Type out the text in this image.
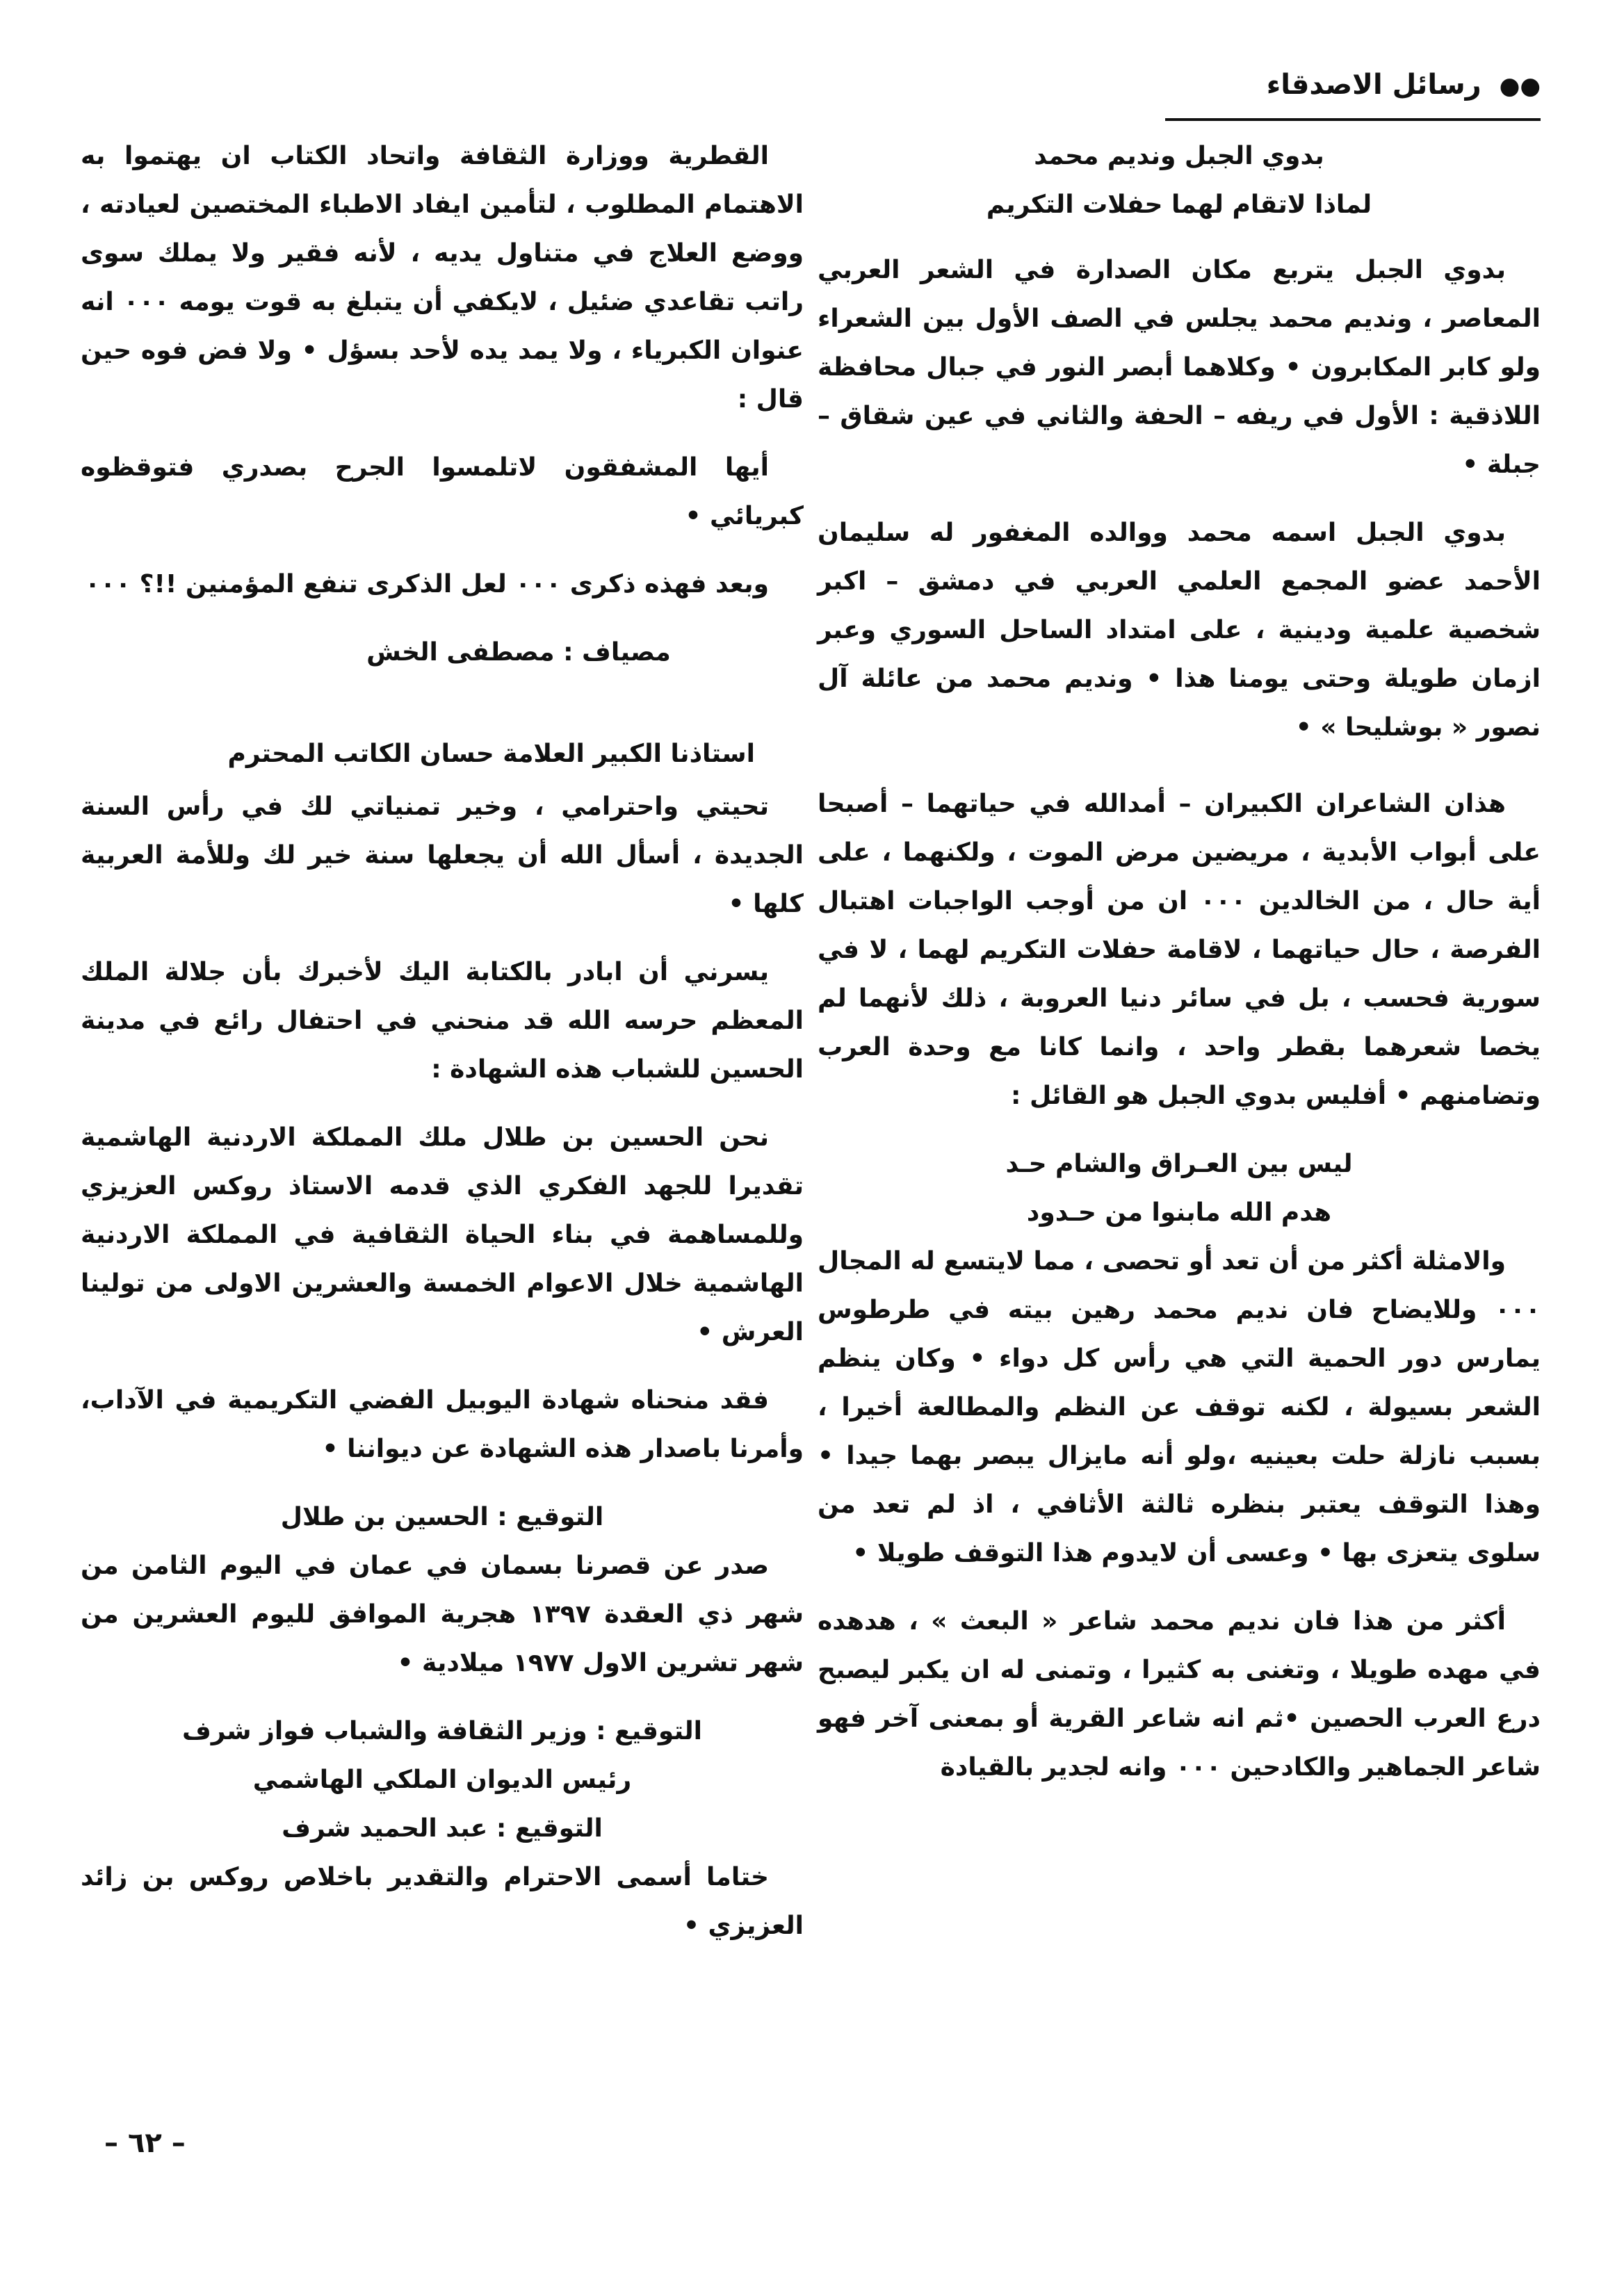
●● رسائل الاصدقاء

بدوي الجبل وندیم محمد

لماذا لاتقام لهما حفلات التكريم

بدوي الجبل يتربع مكان الصدارة في الشعر العربي المعاصر ، ونديم محمد يجلس في الصف الأول بين الشعراء ولو كابر المكابرون • وكلاهما أبصر النور في جبال محافظة اللاذقية : الأول في ريفه – الحفة والثاني في عين شقاق – جبلة •

بدوي الجبل اسمه محمد ووالده المغفور له سليمان الأحمد عضو المجمع العلمي العربي في دمشق – اكبر شخصية علمية ودينية ، على امتداد الساحل السوري وعبر ازمان طويلة وحتى يومنا هذا • ونديم محمد من عائلة آل نصور « بوشليحا » •

هذان الشاعران الكبيران – أمدالله في حياتهما – أصبحا على أبواب الأبدية ، مريضين مرض الموت ، ولكنهما ، على أية حال ، من الخالدين ٠٠٠ ان من أوجب الواجبات اهتبال الفرصة ، حال حياتهما ، لاقامة حفلات التكريم لهما ، لا في سورية فحسب ، بل في سائر دنيا العروبة ، ذلك لأنهما لم يخصا شعرهما بقطر واحد ، وانما كانا مع وحدة العرب وتضامنهم • أفليس بدوي الجبل هو القائل :

ليس بين العـراق والشام حـد

هدم الله مابنوا من حـدود

والامثلة أكثر من أن تعد أو تحصى ، مما لايتسع له المجال ٠٠٠ وللايضاح فان نديم محمد رهين بيته في طرطوس يمارس دور الحمية التي هي رأس كل دواء • وكان ينظم الشعر بسيولة ، لكنه توقف عن النظم والمطالعة أخيرا ، بسبب نازلة حلت بعينيه ،ولو أنه مايزال يبصر بهما جيدا • وهذا التوقف يعتبر بنظره ثالثة الأثافي ، اذ لم تعد من سلوى يتعزى بها • وعسى أن لايدوم هذا التوقف طويلا •

أكثر من هذا فان نديم محمد شاعر « البعث » ، هدهده في مهده طويلا ، وتغنى به كثيرا ، وتمنى له ان يكبر ليصبح درع العرب الحصين •ثم انه شاعر القرية أو بمعنى آخر فهو شاعر الجماهير والكادحين ٠٠٠ وانه لجدير بالقيادة

القطرية ووزارة الثقافة واتحاد الكتاب ان يهتموا به الاهتمام المطلوب ، لتأمين ايفاد الاطباء المختصين لعيادته ، ووضع العلاج في متناول يديه ، لأنه فقير ولا يملك سوى راتب تقاعدي ضئيل ، لايكفي أن يتبلغ به قوت يومه ٠٠٠ انه عنوان الكبرياء ، ولا يمد يده لأحد بسؤل • ولا فض فوه حين قال :

أيها المشفقون لاتلمسوا الجرح بصدري فتوقظوه كبريائي •

وبعد فهذه ذكرى ٠٠٠ لعل الذكرى تنفع المؤمنين !!؟ ٠٠٠

مصياف : مصطفى الخش

استاذنا الكبير العلامة حسان الكاتب المحترم

تحيتي واحترامي ، وخير تمنياتي لك في رأس السنة الجديدة ، أسأل الله أن يجعلها سنة خير لك وللأمة العربية كلها •

يسرني أن ابادر بالكتابة اليك لأخبرك بأن جلالة الملك المعظم حرسه الله قد منحني في احتفال رائع في مدينة الحسين للشباب هذه الشهادة :

نحن الحسين بن طلال ملك المملكة الاردنية الهاشمية تقديرا للجهد الفكري الذي قدمه الاستاذ روكس العزيزي وللمساهمة في بناء الحياة الثقافية في المملكة الاردنية الهاشمية خلال الاعوام الخمسة والعشرين الاولى من تولينا العرش •

فقد منحناه شهادة اليوبيل الفضي التكريمية في الآداب، وأمرنا باصدار هذه الشهادة عن ديواننا •

التوقيع : الحسين بن طلال

صدر عن قصرنا بسمان في عمان في اليوم الثامن من شهر ذي العقدة ١٣٩٧ هجرية الموافق لليوم العشرين من شهر تشرين الاول ١٩٧٧ ميلادية •

التوقيع : وزير الثقافة والشباب فواز شرف

رئيس الديوان الملكي الهاشمي

التوقيع : عبد الحميد شرف

ختاما أسمى الاحترام والتقدير باخلاص روكس بن زائد العزيزي •

– ٦٢ –
